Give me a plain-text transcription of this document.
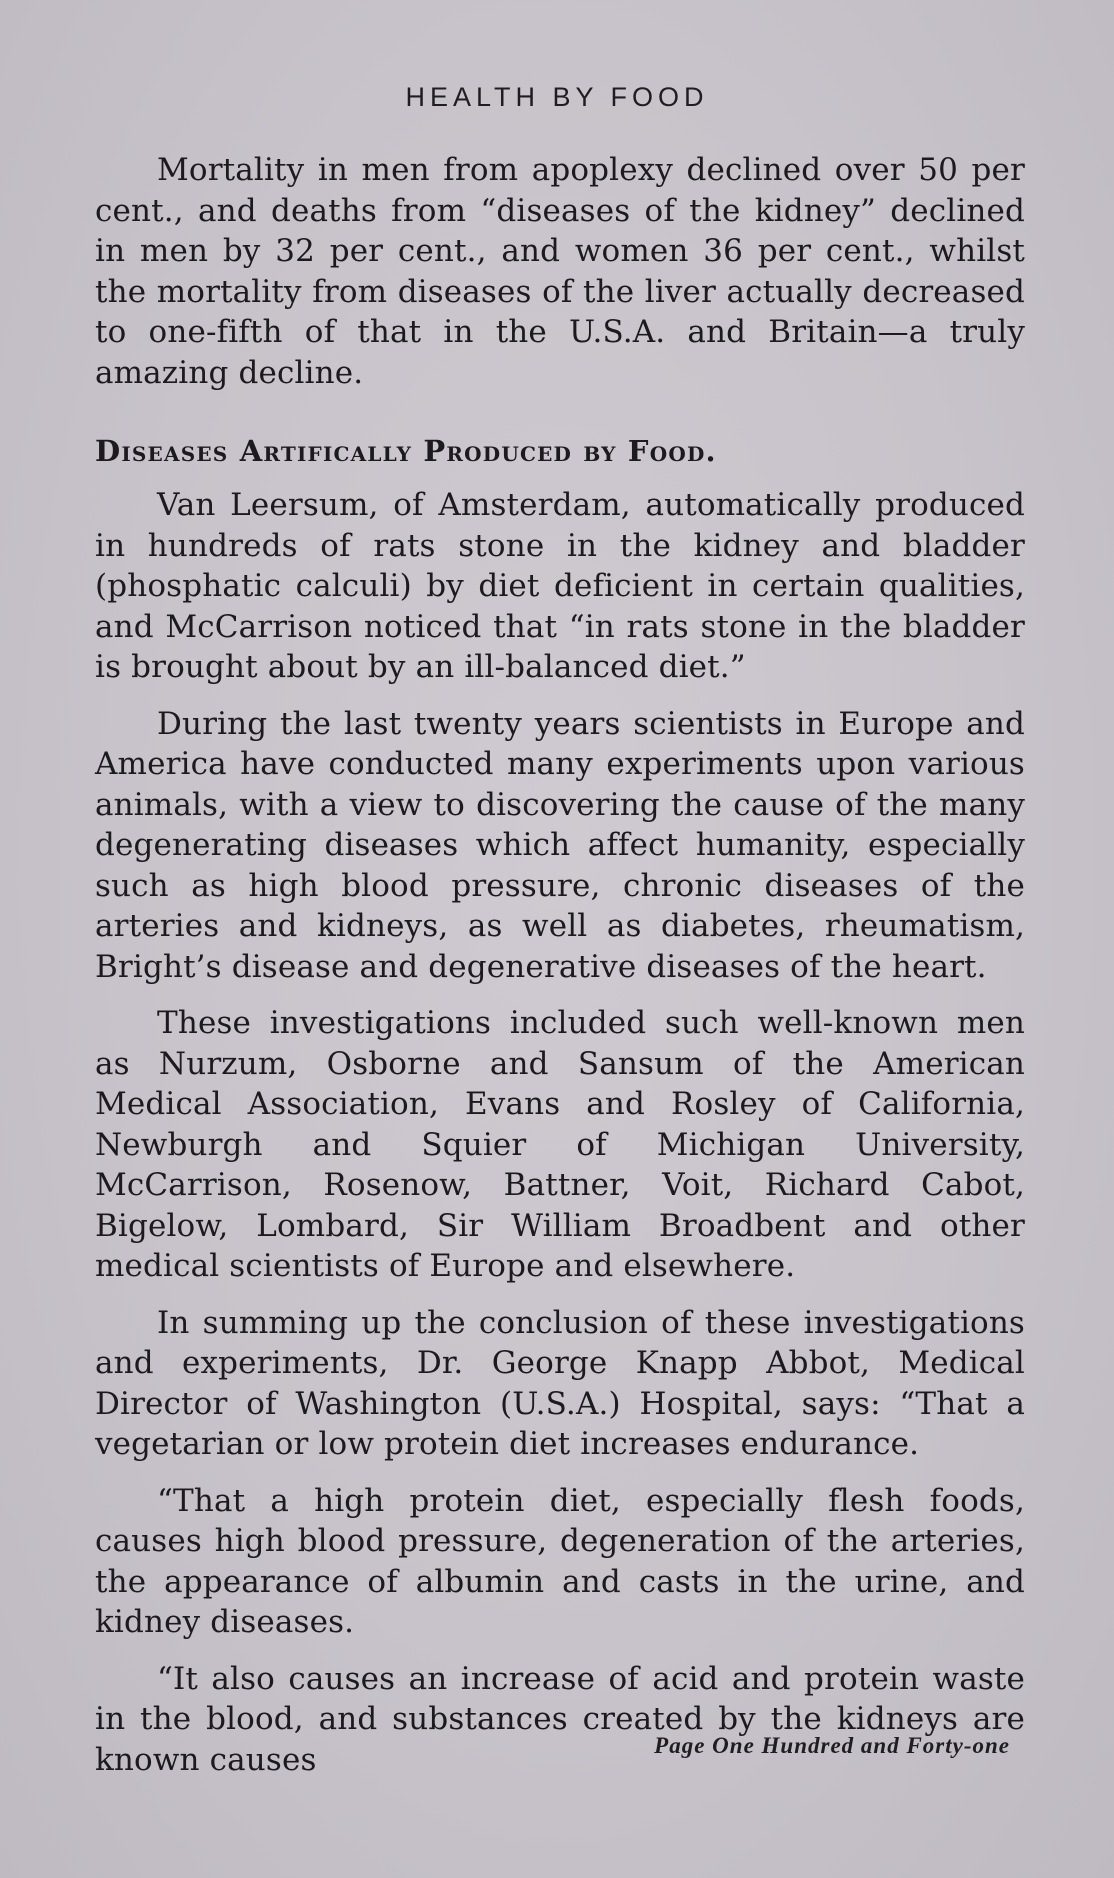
HEALTH BY FOOD

Mortality in men from apoplexy declined over 50 per cent., and deaths from “diseases of the kidney” declined in men by 32 per cent., and women 36 per cent., whilst the mortality from diseases of the liver actually decreased to one-fifth of that in the U.S.A. and Britain—a truly amazing decline.

Diseases Artifically Produced by Food.

Van Leersum, of Amsterdam, automatically produced in hundreds of rats stone in the kidney and bladder (phosphatic calculi) by diet deficient in certain qualities, and McCarrison noticed that “in rats stone in the bladder is brought about by an ill-balanced diet.”

During the last twenty years scientists in Europe and America have conducted many experiments upon various animals, with a view to discovering the cause of the many degenerating diseases which affect humanity, especially such as high blood pressure, chronic diseases of the arteries and kidneys, as well as diabetes, rheumatism, Bright’s disease and degenerative diseases of the heart.

These investigations included such well-known men as Nurzum, Osborne and Sansum of the American Medical Association, Evans and Rosley of California, Newburgh and Squier of Michigan University, McCarrison, Rosenow, Battner, Voit, Richard Cabot, Bigelow, Lombard, Sir William Broadbent and other medical scientists of Europe and elsewhere.

In summing up the conclusion of these investigations and experiments, Dr. George Knapp Abbot, Medical Director of Washington (U.S.A.) Hospital, says: “That a vegetarian or low protein diet increases endurance.

“That a high protein diet, especially flesh foods, causes high blood pressure, degeneration of the arteries, the appearance of albumin and casts in the urine, and kidney diseases.

“It also causes an increase of acid and protein waste in the blood, and substances created by the kidneys are known causes	Page One Hundred and Forty-one
